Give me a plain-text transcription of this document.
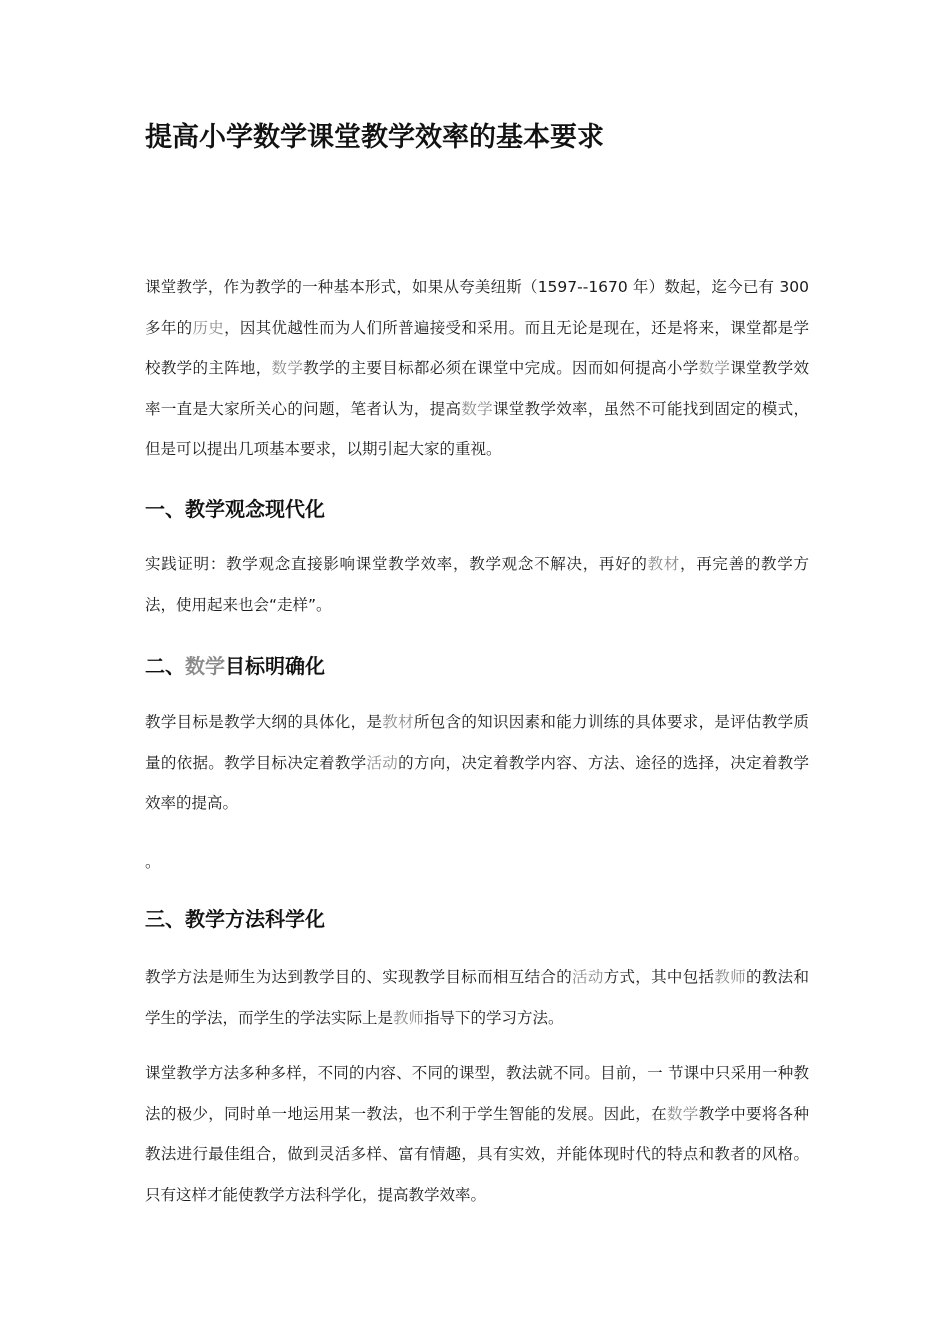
提高小学数学课堂教学效率的基本要求

课堂教学，作为教学的一种基本形式，如果从夸美纽斯（1597--1670 年）数起，迄今已有 300 多年的历史，因其优越性而为人们所普遍接受和采用。而且无论是现在，还是将来，课堂都是学校教学的主阵地，数学教学的主要目标都必须在课堂中完成。因而如何提高小学数学课堂教学效率一直是大家所关心的问题，笔者认为，提高数学课堂教学效率，虽然不可能找到固定的模式，但是可以提出几项基本要求，以期引起大家的重视。

一、教学观念现代化

实践证明：教学观念直接影响课堂教学效率，教学观念不解决，再好的教材，再完善的教学方法，使用起来也会“走样”。

二、数学目标明确化

教学目标是教学大纲的具体化，是教材所包含的知识因素和能力训练的具体要求，是评估教学质量的依据。教学目标决定着教学活动的方向，决定着教学内容、方法、途径的选择，决定着教学效率的提高。

。

三、教学方法科学化

教学方法是师生为达到教学目的、实现教学目标而相互结合的活动方式，其中包括教师的教法和学生的学法，而学生的学法实际上是教师指导下的学习方法。

课堂教学方法多种多样，不同的内容、不同的课型，教法就不同。目前，一 节课中只采用一种教法的极少，同时单一地运用某一教法，也不利于学生智能的发展。因此，在数学教学中要将各种教法进行最佳组合，做到灵活多样、富有情趣，具有实效，并能体现时代的特点和教者的风格。只有这样才能使教学方法科学化，提高教学效率。
